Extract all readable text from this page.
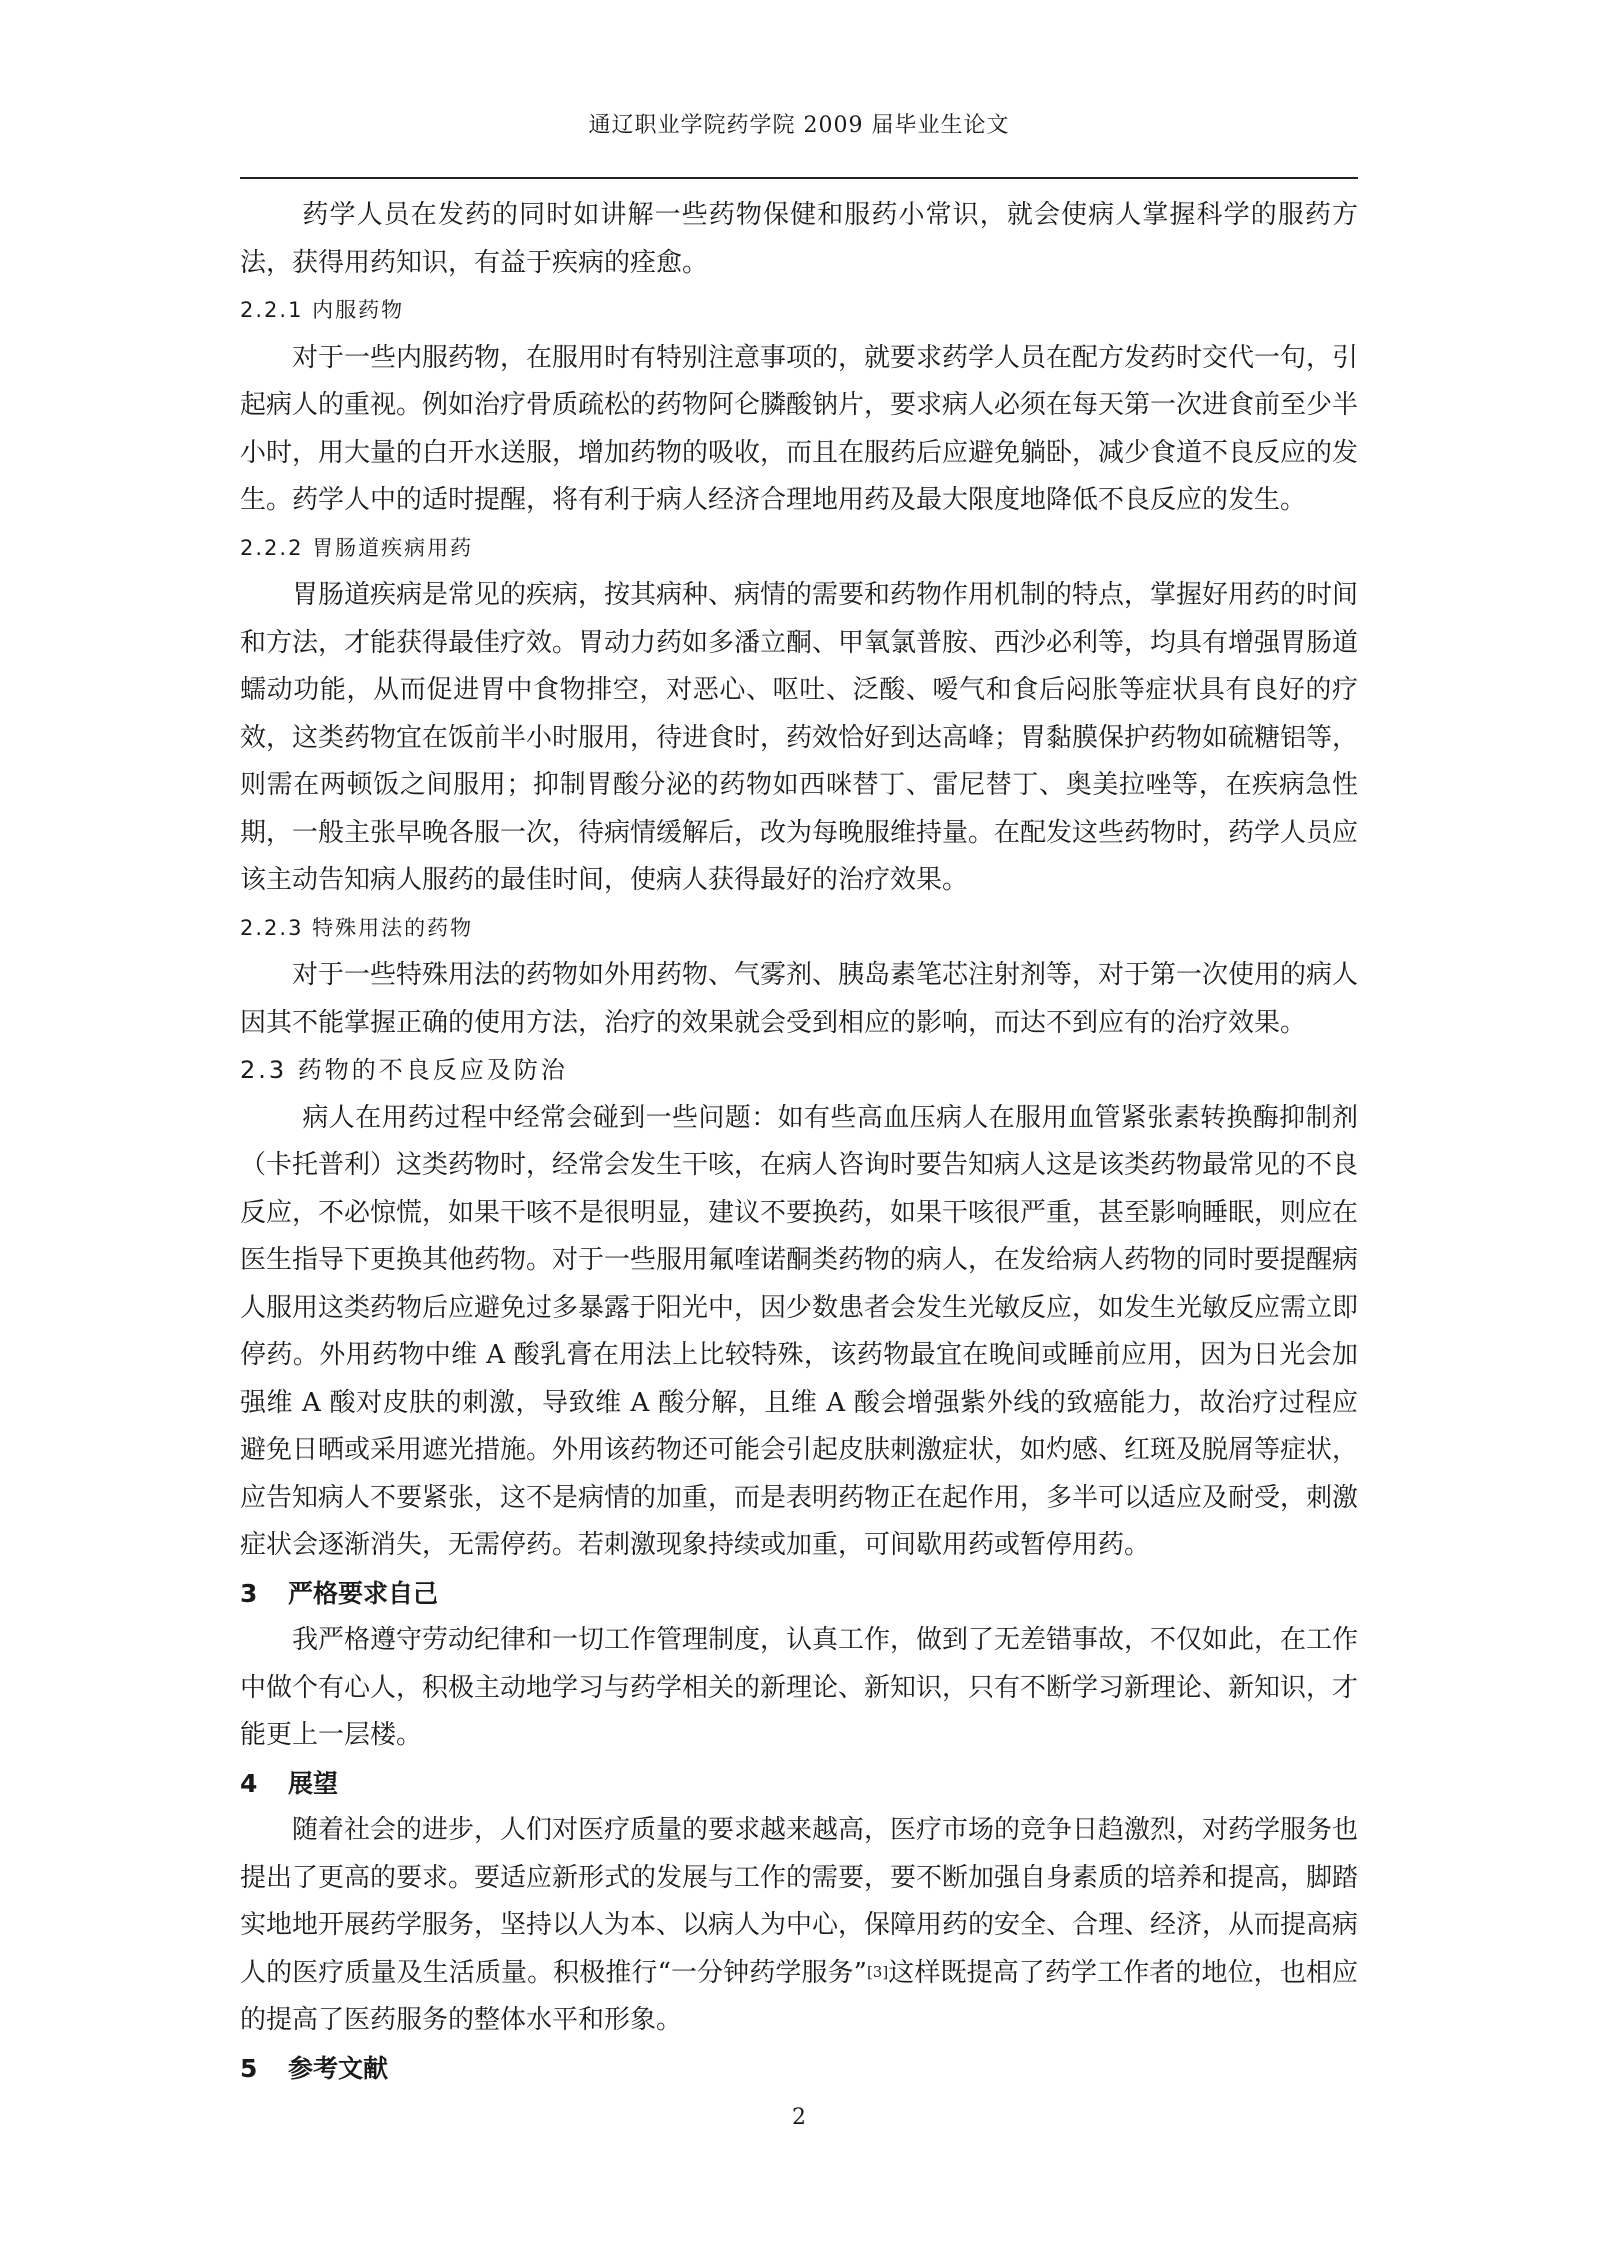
通辽职业学院药学院 2009 届毕业生论文

药学人员在发药的同时如讲解一些药物保健和服药小常识，就会使病人掌握科学的服药方法，获得用药知识，有益于疾病的痊愈。

2.2.1 内服药物

对于一些内服药物，在服用时有特别注意事项的，就要求药学人员在配方发药时交代一句，引起病人的重视。例如治疗骨质疏松的药物阿仑膦酸钠片，要求病人必须在每天第一次进食前至少半小时，用大量的白开水送服，增加药物的吸收，而且在服药后应避免躺卧，减少食道不良反应的发生。药学人中的适时提醒，将有利于病人经济合理地用药及最大限度地降低不良反应的发生。

2.2.2 胃肠道疾病用药

胃肠道疾病是常见的疾病，按其病种、病情的需要和药物作用机制的特点，掌握好用药的时间和方法，才能获得最佳疗效。胃动力药如多潘立酮、甲氧氯普胺、西沙必利等，均具有增强胃肠道蠕动功能，从而促进胃中食物排空，对恶心、呕吐、泛酸、嗳气和食后闷胀等症状具有良好的疗效，这类药物宜在饭前半小时服用，待进食时，药效恰好到达高峰；胃黏膜保护药物如硫糖铝等，则需在两顿饭之间服用；抑制胃酸分泌的药物如西咪替丁、雷尼替丁、奥美拉唑等，在疾病急性期，一般主张早晚各服一次，待病情缓解后，改为每晚服维持量。在配发这些药物时，药学人员应该主动告知病人服药的最佳时间，使病人获得最好的治疗效果。

2.2.3 特殊用法的药物

对于一些特殊用法的药物如外用药物、气雾剂、胰岛素笔芯注射剂等，对于第一次使用的病人因其不能掌握正确的使用方法，治疗的效果就会受到相应的影响，而达不到应有的治疗效果。

2.3 药物的不良反应及防治

病人在用药过程中经常会碰到一些问题：如有些高血压病人在服用血管紧张素转换酶抑制剂（卡托普利）这类药物时，经常会发生干咳，在病人咨询时要告知病人这是该类药物最常见的不良反应，不必惊慌，如果干咳不是很明显，建议不要换药，如果干咳很严重，甚至影响睡眠，则应在医生指导下更换其他药物。对于一些服用氟喹诺酮类药物的病人，在发给病人药物的同时要提醒病人服用这类药物后应避免过多暴露于阳光中，因少数患者会发生光敏反应，如发生光敏反应需立即停药。外用药物中维 A 酸乳膏在用法上比较特殊，该药物最宜在晚间或睡前应用，因为日光会加强维 A 酸对皮肤的刺激，导致维 A 酸分解，且维 A 酸会增强紫外线的致癌能力，故治疗过程应避免日晒或采用遮光措施。外用该药物还可能会引起皮肤刺激症状，如灼感、红斑及脱屑等症状，应告知病人不要紧张，这不是病情的加重，而是表明药物正在起作用，多半可以适应及耐受，刺激症状会逐渐消失，无需停药。若刺激现象持续或加重，可间歇用药或暂停用药。

3 严格要求自己

我严格遵守劳动纪律和一切工作管理制度，认真工作，做到了无差错事故，不仅如此，在工作中做个有心人，积极主动地学习与药学相关的新理论、新知识，只有不断学习新理论、新知识，才能更上一层楼。

4 展望

随着社会的进步，人们对医疗质量的要求越来越高，医疗市场的竞争日趋激烈，对药学服务也提出了更高的要求。要适应新形式的发展与工作的需要，要不断加强自身素质的培养和提高，脚踏实地地开展药学服务，坚持以人为本、以病人为中心，保障用药的安全、合理、经济，从而提高病人的医疗质量及生活质量。积极推行“一分钟药学服务”[3]这样既提高了药学工作者的地位，也相应的提高了医药服务的整体水平和形象。

5 参考文献

2
